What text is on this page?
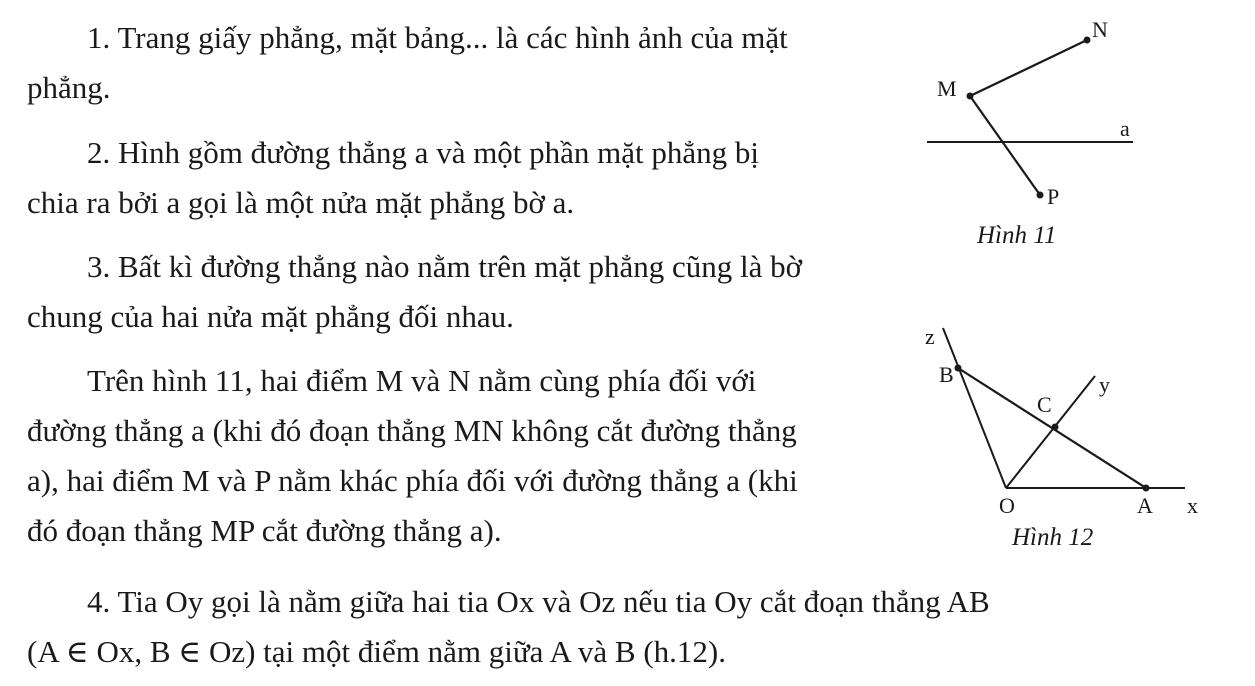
1. Trang giấy phẳng, mặt bảng... là các hình ảnh của mặt
phẳng.

2. Hình gồm đường thẳng a và một phần mặt phẳng bị
chia ra bởi a gọi là một nửa mặt phẳng bờ a.

3. Bất kì đường thẳng nào nằm trên mặt phẳng cũng là bờ
chung của hai nửa mặt phẳng đối nhau.

Trên hình 11, hai điểm M và N nằm cùng phía đối với
đường thẳng a (khi đó đoạn thẳng MN không cắt đường thẳng
a), hai điểm M và P nằm khác phía đối với đường thẳng a (khi
đó đoạn thẳng MP cắt đường thẳng a).

4. Tia Oy gọi là nằm giữa hai tia Ox và Oz nếu tia Oy cắt đoạn thẳng AB
(A ∈ Ox, B ∈ Oz) tại một điểm nằm giữa A và B (h.12).

M
N
P
a
Hình 11
z
B
C
y
O	A x
Hình 12
